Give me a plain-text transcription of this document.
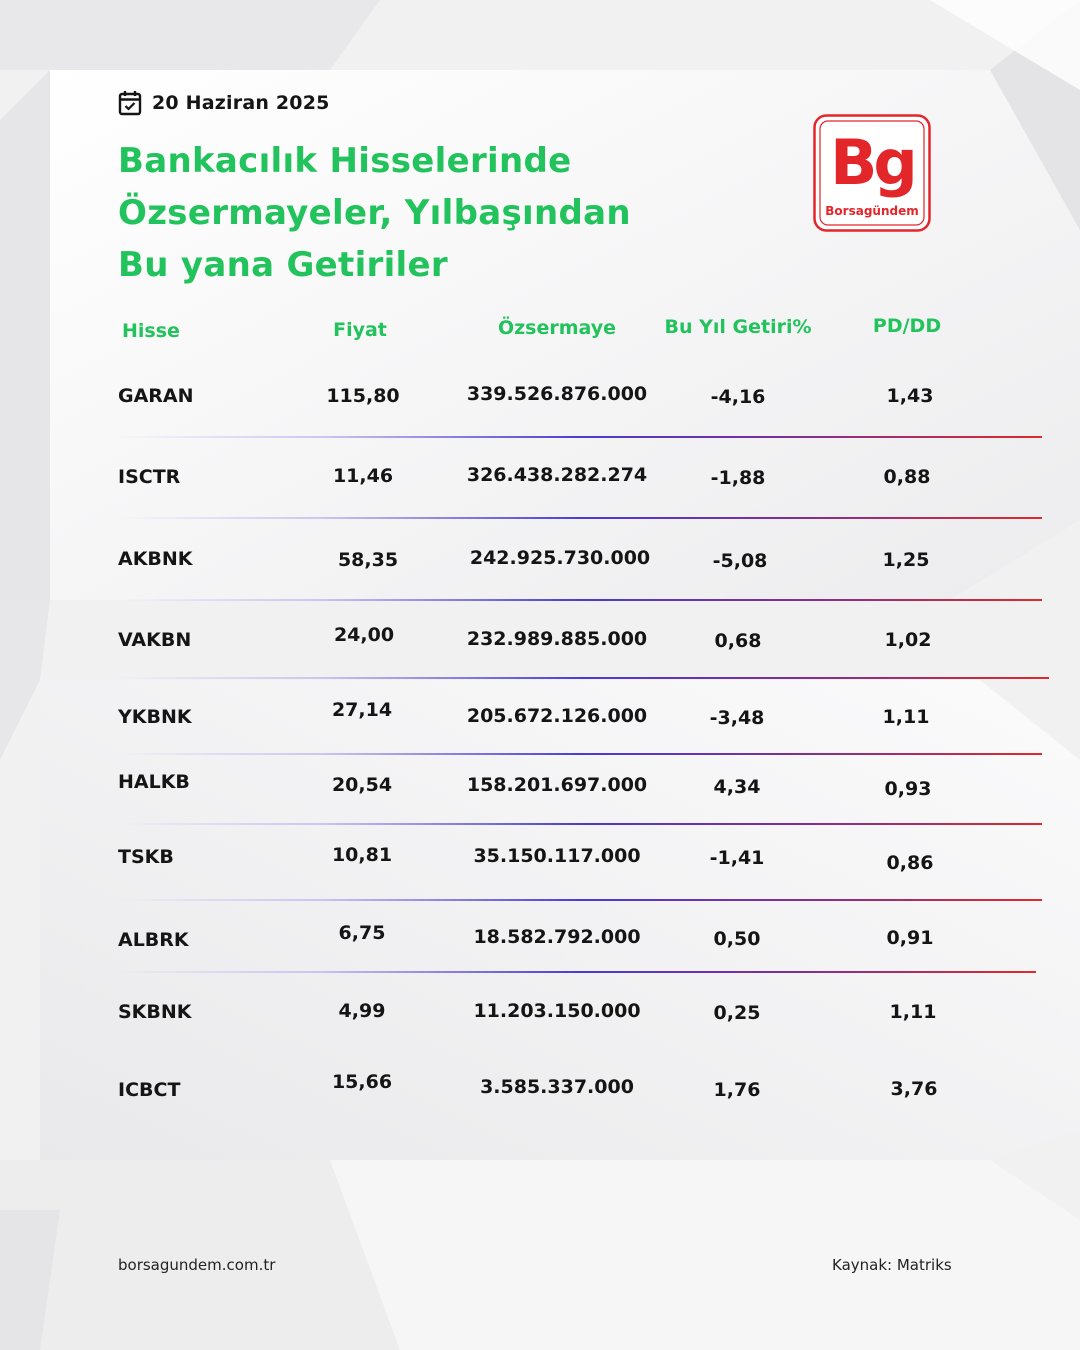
20 Haziran 2025
Bankacılık Hisselerinde
Özsermayeler, Yılbaşından
Bu yana Getiriler
Bg
Borsagündem
Hisse	Fiyat	Özsermaye	Bu Yıl Getiri%	PD/DD
GARAN	115,80	339.526.876.000	-4,16	1,43
ISCTR	11,46	326.438.282.274	-1,88	0,88
AKBNK	58,35	242.925.730.000	-5,08	1,25
VAKBN	24,00	232.989.885.000	0,68	1,02
YKBNK	27,14	205.672.126.000	-3,48	1,11
HALKB	20,54	158.201.697.000	4,34	0,93
TSKB	10,81	35.150.117.000	-1,41	0,86
ALBRK	6,75	18.582.792.000	0,50	0,91
SKBNK	4,99	11.203.150.000	0,25	1,11
ICBCT	15,66	3.585.337.000	1,76	3,76
borsagundem.com.tr	Kaynak: Matriks
